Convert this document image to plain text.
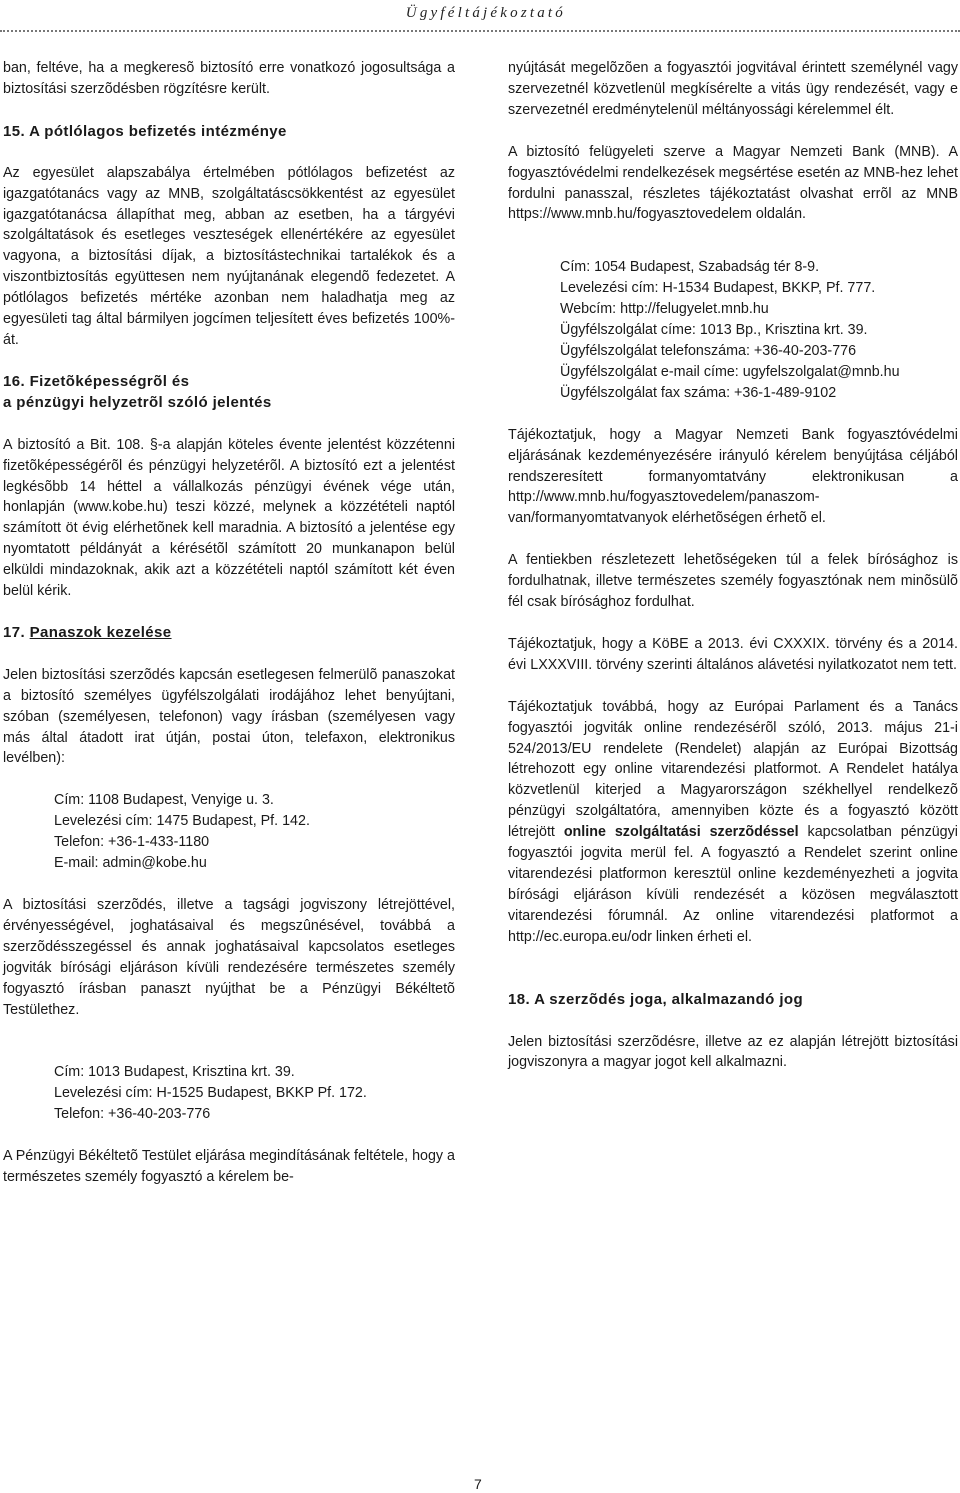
Ügyféltájékoztató

ban, feltéve, ha a megkeresõ biztosító erre vonatkozó jogosultsága a biztosítási szerzõdésben rögzítésre került.

15. A pótlólagos befizetés intézménye

Az egyesület alapszabálya értelmében pótlólagos befizetést az igazgatótanács vagy az MNB, szolgáltatáscsökkentést az egyesület igazgatótanácsa állapíthat meg, abban az esetben, ha a tárgyévi szolgáltatások és esetleges veszteségek ellenértékére az egyesület vagyona, a biztosítási díjak, a biztosítástechnikai tartalékok és a viszontbiztosítás együttesen nem nyújtanának elegendõ fedezetet. A pótlólagos befizetés mértéke azonban nem haladhatja meg az egyesületi tag által bármilyen jogcímen teljesített éves befizetés 100%-át.

16. Fizetõképességrõl és
a pénzügyi helyzetrõl szóló jelentés

A biztosító a Bit. 108. §-a alapján köteles évente jelentést közzétenni fizetõképességérõl és pénzügyi helyzetérõl. A biztosító ezt a jelentést legkésõbb 14 héttel a vállalkozás pénzügyi évének vége után, honlapján (www.kobe.hu) teszi közzé, melynek a közzétételi naptól számított öt évig elérhetõnek kell maradnia. A biztosító a jelentése egy nyomtatott példányát a kérésétõl számított 20 munkanapon belül elküldi mindazoknak, akik azt a közzétételi naptól számított két éven belül kérik.

17. Panaszok kezelése

Jelen biztosítási szerzõdés kapcsán esetlegesen felmerülõ panaszokat a biztosító személyes ügyfélszolgálati irodájához lehet benyújtani, szóban (személyesen, telefonon) vagy írásban (személyesen vagy más által átadott irat útján, postai úton, telefaxon, elektronikus levélben):

Cím: 1108 Budapest, Venyige u. 3.
Levelezési cím: 1475 Budapest, Pf. 142.
Telefon: +36-1-433-1180
E-mail: admin@kobe.hu

A biztosítási szerzõdés, illetve a tagsági jogviszony létrejöttével, érvényességével, joghatásaival és megszûnésével, továbbá a szerzõdésszegéssel és annak joghatásaival kapcsolatos esetleges jogviták bírósági eljáráson kívüli rendezésére természetes személy fogyasztó írásban panaszt nyújthat be a Pénzügyi Békéltetõ Testülethez.

Cím: 1013 Budapest, Krisztina krt. 39.
Levelezési cím: H-1525 Budapest, BKKP Pf. 172.
Telefon: +36-40-203-776

A Pénzügyi Békéltetõ Testület eljárása megindításának feltétele, hogy a természetes személy fogyasztó a kérelem be-

nyújtását megelõzõen a fogyasztói jogvitával érintett személynél vagy szervezetnél közvetlenül megkísérelte a vitás ügy rendezését, vagy e szervezetnél eredménytelenül méltányossági kérelemmel élt.

A biztosító felügyeleti szerve a Magyar Nemzeti Bank (MNB). A fogyasztóvédelmi rendelkezések megsértése esetén az MNB-hez lehet fordulni panasszal, részletes tájékoztatást olvashat errõl az MNB https://www.mnb.hu/fogyasztovedelem oldalán.

Cím: 1054 Budapest, Szabadság tér 8-9.
Levelezési cím: H-1534 Budapest, BKKP, Pf. 777.
Webcím: http://felugyelet.mnb.hu
Ügyfélszolgálat címe: 1013 Bp., Krisztina krt. 39.
Ügyfélszolgálat telefonszáma: +36-40-203-776
Ügyfélszolgálat e-mail címe: ugyfelszolgalat@mnb.hu
Ügyfélszolgálat fax száma: +36-1-489-9102

Tájékoztatjuk, hogy a Magyar Nemzeti Bank fogyasztóvédelmi eljárásának kezdeményezésére irányuló kérelem benyújtása céljából rendszeresített formanyomtatvány elektronikusan a http://www.mnb.hu/fogyasztovedelem/panaszom-van/formanyomtatvanyok elérhetõségen érhetõ el.

A fentiekben részletezett lehetõségeken túl a felek bírósághoz is fordulhatnak, illetve természetes személy fogyasztónak nem minõsülõ fél csak bírósághoz fordulhat.

Tájékoztatjuk, hogy a KöBE a 2013. évi CXXXIX. törvény és a 2014. évi LXXXVIII. törvény szerinti általános alávetési nyilatkozatot nem tett.

Tájékoztatjuk továbbá, hogy az Európai Parlament és a Tanács fogyasztói jogviták online rendezésérõl szóló, 2013. május 21-i 524/2013/EU rendelete (Rendelet) alapján az Európai Bizottság létrehozott egy online vitarendezési platformot. A Rendelet hatálya közvetlenül kiterjed a Magyarországon székhellyel rendelkezõ pénzügyi szolgáltatóra, amennyiben közte és a fogyasztó között létrejött online szolgáltatási szerzõdéssel kapcsolatban pénzügyi fogyasztói jogvita merül fel. A fogyasztó a Rendelet szerint online vitarendezési platformon keresztül online kezdeményezheti a jogvita bírósági eljáráson kívüli rendezését a közösen megválasztott vitarendezési fórumnál. Az online vitarendezési platformot a http://ec.europa.eu/odr linken érheti el.

18. A szerzõdés joga, alkalmazandó jog

Jelen biztosítási szerzõdésre, illetve az ez alapján létrejött biztosítási jogviszonyra a magyar jogot kell alkalmazni.

7
